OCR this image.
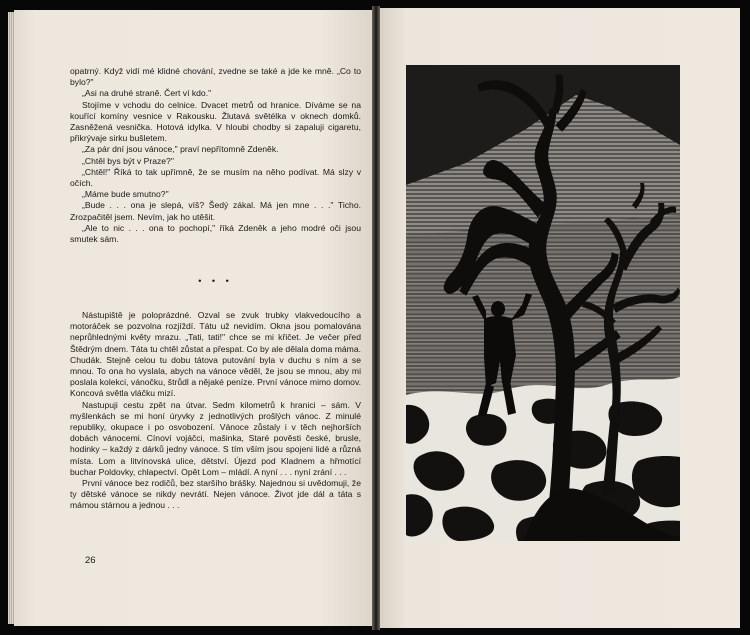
opatrný. Když vidí mé klidné chování, zvedne se také a jde ke mně. „Co to bylo?"

„Asi na druhé straně. Čert ví kdo."

Stojíme v vchodu do celnice. Dvacet metrů od hranice. Díváme se na kouřící komíny vesnice v Rakousku. Žlutavá světélka v oknech domků. Zasněžená vesnička. Hotová idylka. V hloubi chodby si zapaluji cigaretu, přikrývaje sirku bušletem.

„Za pár dní jsou vánoce," praví nepřítomně Zdeněk.

„Chtěl bys být v Praze?"

„Chtěl!" Říká to tak upřímně, že se musím na něho podívat. Má slzy v očích.

„Máme bude smutno?"

„Bude . . . ona je slepá, víš? Šedý zákal. Má jen mne . . ." Ticho. Zrozpačitěl jsem. Nevím, jak ho utěšit.

„Ale to nic . . . ona to pochopí," říká Zdeněk a jeho modré oči jsou smutek sám.

• • •

Nástupiště je poloprázdné. Ozval se zvuk trubky vlakvedoucího a motoráček se pozvolna rozjíždí. Tátu už nevidím. Okna jsou pomalována neprůhlednými květy mrazu. „Tati, tati!" chce se mi křičet. Je večer před Štědrým dnem. Táta tu chtěl zůstat a přespat. Co by ale dělala doma máma. Chudák. Stejně celou tu dobu tátova putování byla v duchu s ním a se mnou. To ona ho vyslala, abych na vánoce věděl, že jsou se mnou, aby mi poslala kolekci, vánočku, štrůdl a nějaké peníze. První vánoce mimo domov. Koncová světla vláčku mizí.

Nastupuji cestu zpět na útvar. Sedm kilometrů k hranici – sám. V myšlenkách se mi honí úryvky z jednotlivých prošlých vánoc. Z minulé republiky, okupace i po osvobození. Vánoce zůstaly i v těch nejhorších dobách vánocemi. Cínoví vojáčci, mašinka, Staré pověsti české, brusle, hodinky – každý z dárků jedny vánoce. S tím vším jsou spojeni lidé a různá místa. Lom a litvínovská ulice, dětství. Újezd pod Kladnem a hřmotící buchar Poldovky, chlapectví. Opět Lom – mládí. A nyní . . . nyní zrání . . .

První vánoce bez rodičů, bez staršího bráškу. Najednou si uvědomuji, že ty dětské vánoce se nikdy nevrátí. Nejen vánoce. Život jde dál a táta s mámou stárnou a jednou . . .

26
